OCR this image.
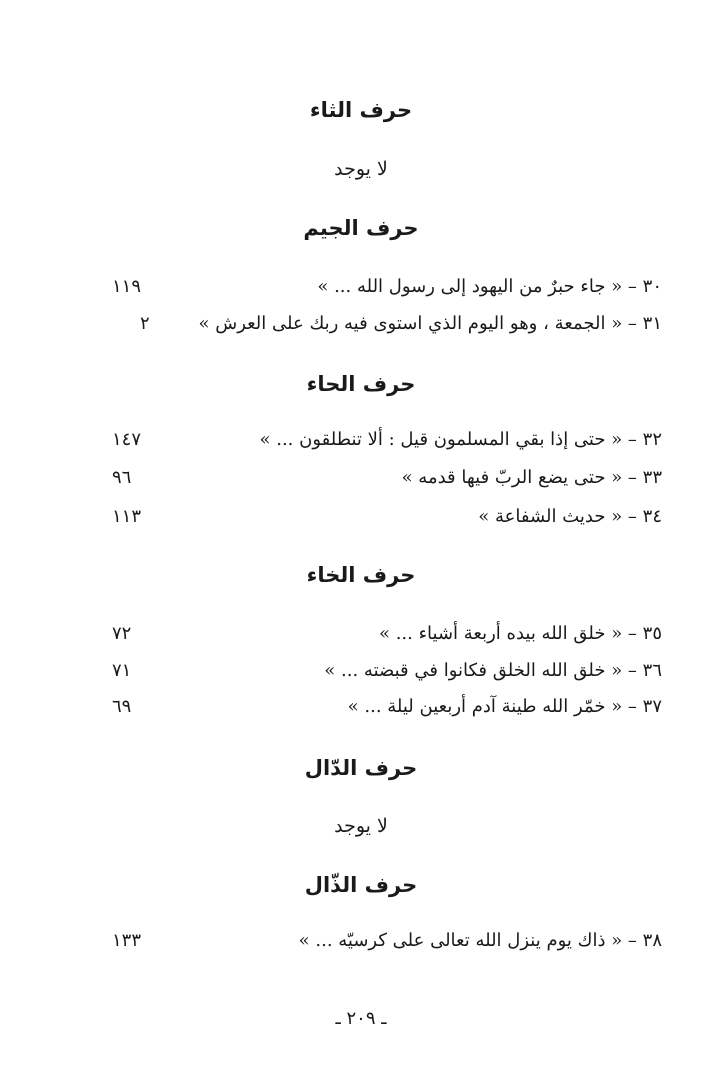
حرف الثاء
لا يوجد
حرف الجيم
٣٠ – « جاء حبرٌ من اليهود إلى رسول الله ... »
١١٩
٣١ – « الجمعة ، وهو اليوم الذي استوى فيه ربك على العرش »
٢
حرف الحاء
٣٢ – « حتى إذا بقي المسلمون قيل : ألا تنطلقون ... »
١٤٧
٣٣ – « حتى يضع الربّ فيها قدمه »
٩٦
٣٤ – « حديث الشفاعة »
١١٣
حرف الخاء
٣٥ – « خلق الله بيده أربعة أشياء ... »
٧٢
٣٦ – « خلق الله الخلق فكانوا في قبضته ... »
٧١
٣٧ – « خمّر الله طينة آدم أربعين ليلة ... »
٦٩
حرف الدّال
لا يوجد
حرف الذّال
٣٨ – « ذاك يوم ينزل الله تعالى على كرسيّه ... »
١٣٣
ـ ٢٠٩ ـ
